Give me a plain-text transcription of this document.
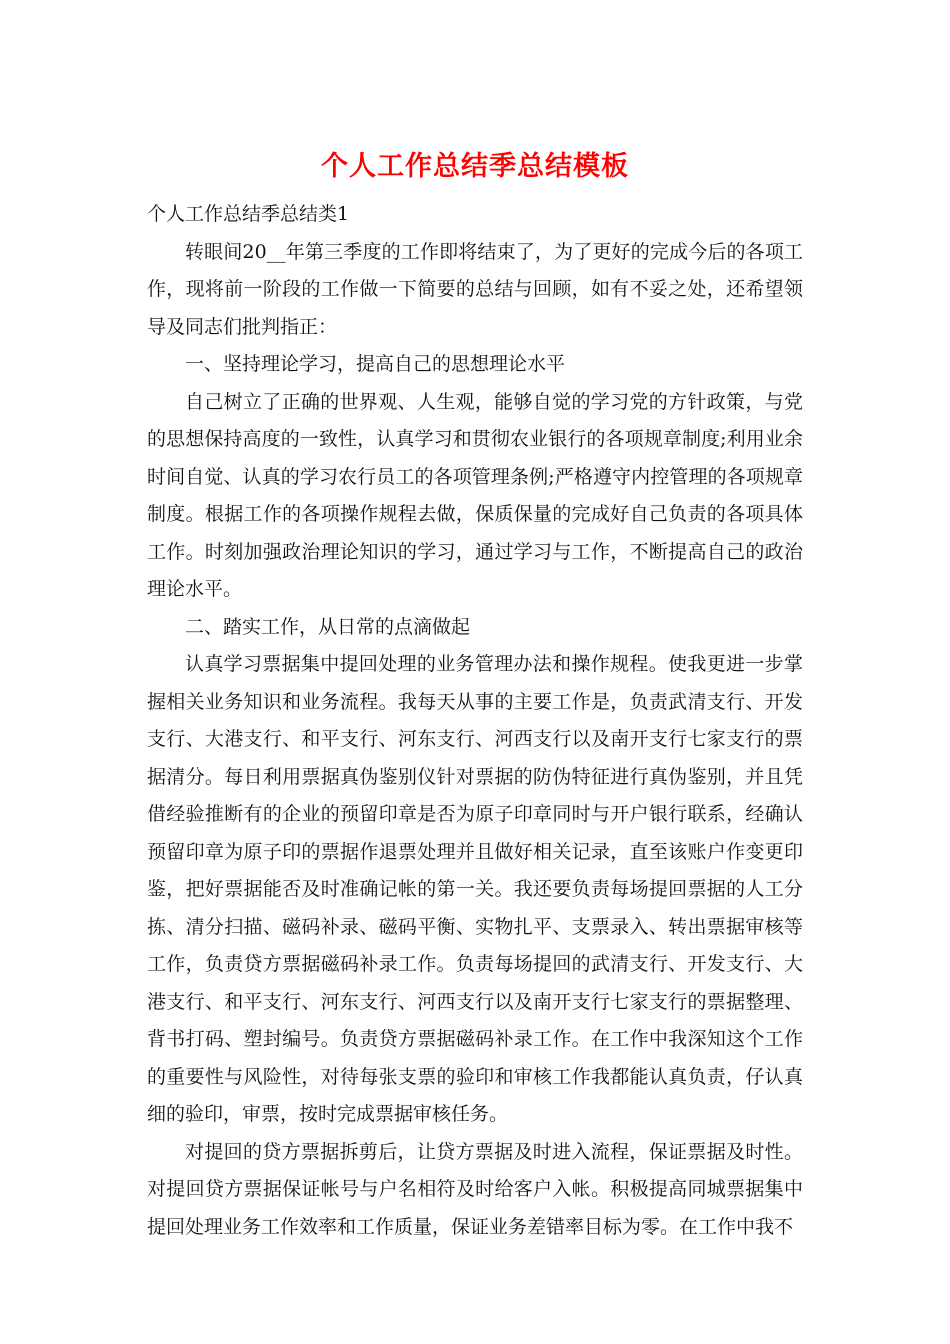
个人工作总结季总结模板

个人工作总结季总结类1

转眼间20__年第三季度的工作即将结束了，为了更好的完成今后的各项工作，现将前一阶段的工作做一下简要的总结与回顾，如有不妥之处，还希望领导及同志们批判指正：

一、坚持理论学习，提高自己的思想理论水平

自己树立了正确的世界观、人生观，能够自觉的学习党的方针政策，与党的思想保持高度的一致性，认真学习和贯彻农业银行的各项规章制度;利用业余时间自觉、认真的学习农行员工的各项管理条例;严格遵守内控管理的各项规章制度。根据工作的各项操作规程去做，保质保量的完成好自己负责的各项具体工作。时刻加强政治理论知识的学习，通过学习与工作，不断提高自己的政治理论水平。

二、踏实工作，从日常的点滴做起

认真学习票据集中提回处理的业务管理办法和操作规程。使我更进一步掌握相关业务知识和业务流程。我每天从事的主要工作是，负责武清支行、开发支行、大港支行、和平支行、河东支行、河西支行以及南开支行七家支行的票据清分。每日利用票据真伪鉴别仪针对票据的防伪特征进行真伪鉴别，并且凭借经验推断有的企业的预留印章是否为原子印章同时与开户银行联系，经确认预留印章为原子印的票据作退票处理并且做好相关记录，直至该账户作变更印鉴，把好票据能否及时准确记帐的第一关。我还要负责每场提回票据的人工分拣、清分扫描、磁码补录、磁码平衡、实物扎平、支票录入、转出票据审核等工作，负责贷方票据磁码补录工作。负责每场提回的武清支行、开发支行、大港支行、和平支行、河东支行、河西支行以及南开支行七家支行的票据整理、背书打码、塑封编号。负责贷方票据磁码补录工作。在工作中我深知这个工作的重要性与风险性，对待每张支票的验印和审核工作我都能认真负责，仔认真细的验印，审票，按时完成票据审核任务。

对提回的贷方票据拆剪后，让贷方票据及时进入流程，保证票据及时性。对提回贷方票据保证帐号与户名相符及时给客户入帐。积极提高同城票据集中提回处理业务工作效率和工作质量，保证业务差错率目标为零。在工作中我不
